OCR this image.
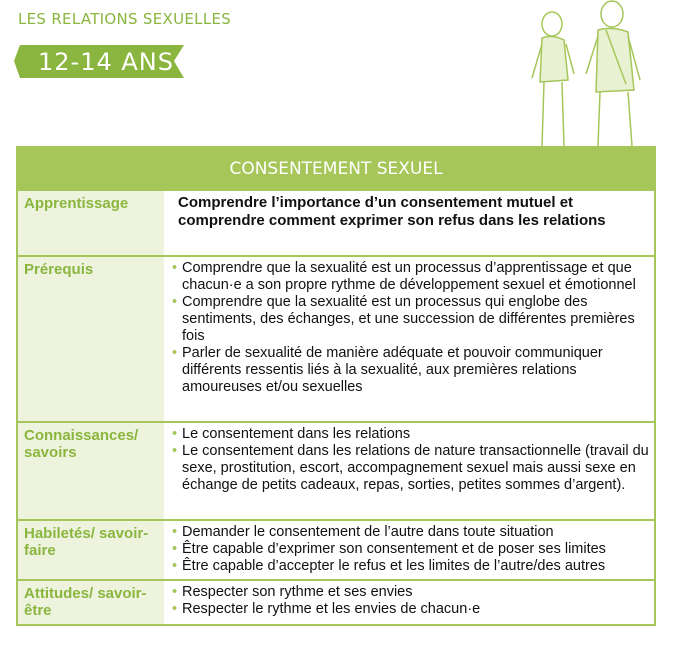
LES RELATIONS SEXUELLES
12-14 ANS
CONSENTEMENT SEXUEL
Apprentissage	Comprendre l’importance d’un consentement mutuel et comprendre comment exprimer son refus dans les relations
Prérequis
•	Comprendre que la sexualité est un processus d’apprentissage et que chacun·e a son propre rythme de développement sexuel et émotionnel
• Comprendre que la sexualité est un processus qui englobe des sentiments, des échanges, et une succession de différentes premières fois
• Parler de sexualité de manière adéquate et pouvoir communiquer différents ressentis liés à la sexualité, aux premières relations amoureuses et/ou sexuelles
Connaissances/ savoirs
• Le consentement dans les relations
• Le consentement dans les relations de nature transactionnelle (travail du sexe, prostitution, escort, accompagnement sexuel mais aussi sexe en échange de petits cadeaux, repas, sorties, petites sommes d’argent).
Habiletés/ savoir-faire
• Demander le consentement de l’autre dans toute situation
• Être capable d’exprimer son consentement et de poser ses limites
• Être capable d’accepter le refus et les limites de l’autre/des autres
Attitudes/ savoir-être
• Respecter son rythme et ses envies
• Respecter le rythme et les envies de chacun·e
